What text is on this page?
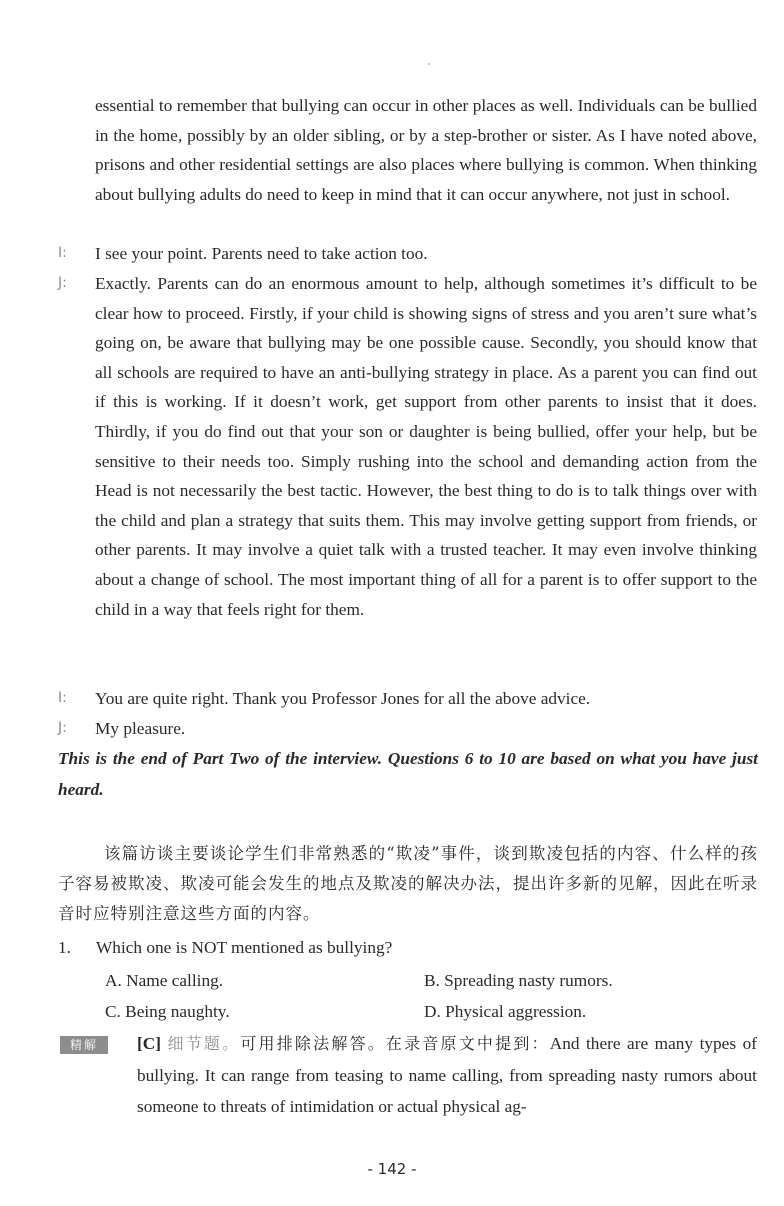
essential to remember that bullying can occur in other places as well. Individuals can be bullied in the home, possibly by an older sibling, or by a step-brother or sister. As I have noted above, prisons and other residential settings are also places where bullying is common. When thinking about bullying adults do need to keep in mind that it can occur anywhere, not just in school.

I:	I see your point. Parents need to take action too.

J:	Exactly. Parents can do an enormous amount to help, although sometimes it’s difficult to be clear how to proceed. Firstly, if your child is showing signs of stress and you aren’t sure what’s going on, be aware that bullying may be one possible cause. Secondly, you should know that all schools are required to have an anti-bullying strategy in place. As a parent you can find out if this is working. If it doesn’t work, get support from other parents to insist that it does. Thirdly, if you do find out that your son or daughter is being bullied, offer your help, but be sensitive to their needs too. Simply rushing into the school and demanding action from the Head is not necessarily the best tactic. However, the best thing to do is to talk things over with the child and plan a strategy that suits them. This may involve getting support from friends, or other parents. It may involve a quiet talk with a trusted teacher. It may even involve thinking about a change of school. The most important thing of all for a parent is to offer support to the child in a way that feels right for them.

I:	You are quite right. Thank you Professor Jones for all the above advice.

J:	My pleasure.

This is the end of Part Two of the interview. Questions 6 to 10 are based on what you have just heard.

该篇访谈主要谈论学生们非常熟悉的“欺凌”事件，谈到欺凌包括的内容、什么样的孩子容易被欺凌、欺凌可能会发生的地点及欺凌的解决办法，提出许多新的见解，因此在听录音时应特别注意这些方面的内容。

1.	Which one is NOT mentioned as bullying?
A. Name calling.	B. Spreading nasty rumors.
C. Being naughty.	D. Physical aggression.
精解	[C] 细节题。可用排除法解答。在录音原文中提到：And there are many types of bullying. It can range from teasing to name calling, from spreading nasty rumors about someone to threats of intimidation or actual physical ag-

- 142 -
